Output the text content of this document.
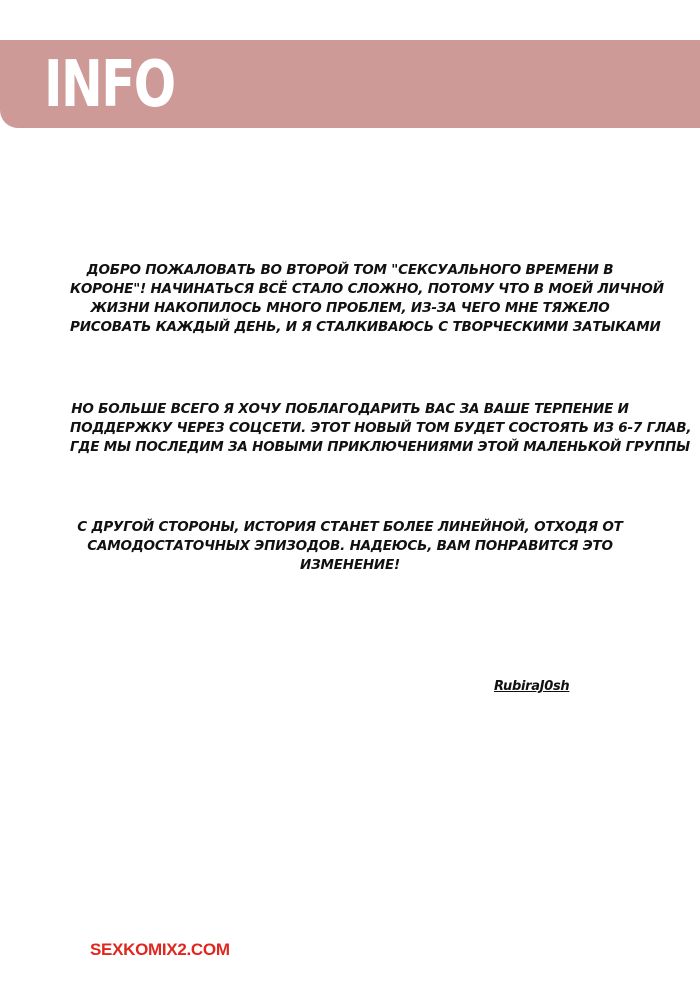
INFO
ДОБРО ПОЖАЛОВАТЬ ВО ВТОРОЙ ТОМ "СЕКСУАЛЬНОГО ВРЕМЕНИ В
КОРОНЕ"! НАЧИНАТЬСЯ ВСЁ СТАЛО СЛОЖНО, ПОТОМУ ЧТО В МОЕЙ ЛИЧНОЙ
ЖИЗНИ НАКОПИЛОСЬ МНОГО ПРОБЛЕМ, ИЗ-ЗА ЧЕГО МНЕ ТЯЖЕЛО
РИСОВАТЬ КАЖДЫЙ ДЕНЬ, И Я СТАЛКИВАЮСЬ С ТВОРЧЕСКИМИ ЗАТЫКАМИ
НО БОЛЬШЕ ВСЕГО Я ХОЧУ ПОБЛАГОДАРИТЬ ВАС ЗА ВАШЕ ТЕРПЕНИЕ И
ПОДДЕРЖКУ ЧЕРЕЗ СОЦСЕТИ. ЭТОТ НОВЫЙ ТОМ БУДЕТ СОСТОЯТЬ ИЗ 6-7 ГЛАВ,
ГДЕ МЫ ПОСЛЕДИМ ЗА НОВЫМИ ПРИКЛЮЧЕНИЯМИ ЭТОЙ МАЛЕНЬКОЙ ГРУППЫ
С ДРУГОЙ СТОРОНЫ, ИСТОРИЯ СТАНЕТ БОЛЕЕ ЛИНЕЙНОЙ, ОТХОДЯ ОТ
САМОДОСТАТОЧНЫХ ЭПИЗОДОВ. НАДЕЮСЬ, ВАМ ПОНРАВИТСЯ ЭТО
ИЗМЕНЕНИЕ!
RubiraJ0sh
SEXKOMIX2.COM
